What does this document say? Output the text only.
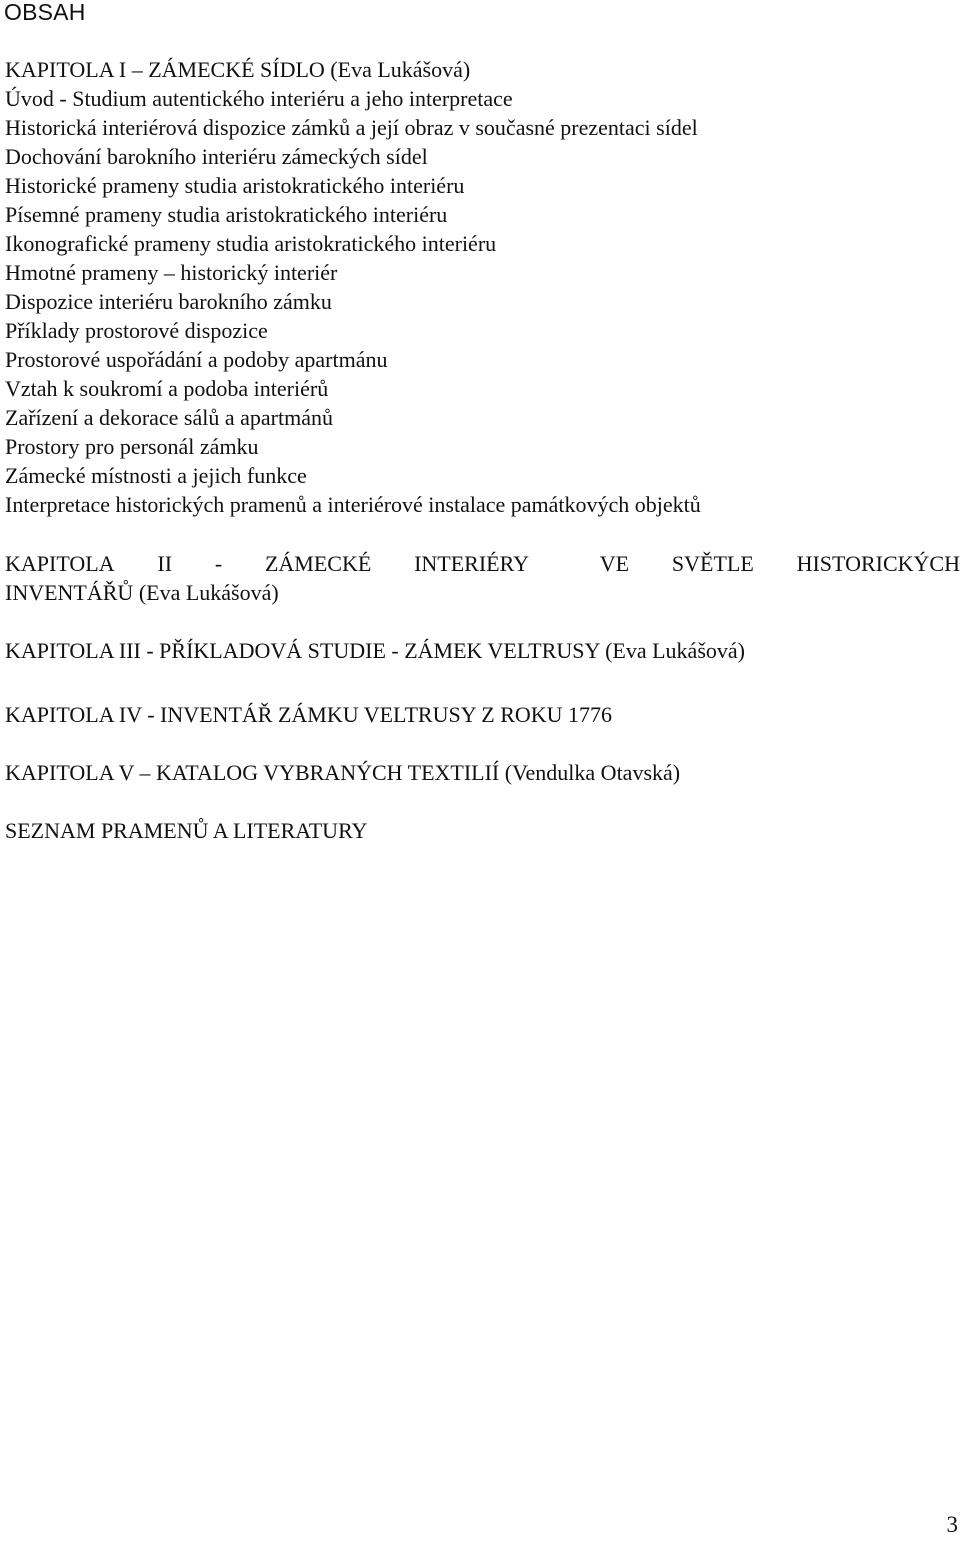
OBSAH
KAPITOLA I – ZÁMECKÉ SÍDLO (Eva Lukášová)
Úvod - Studium autentického interiéru a jeho interpretace
Historická interiérová dispozice zámků a její obraz v současné prezentaci sídel
Dochování barokního interiéru zámeckých sídel
Historické prameny studia aristokratického interiéru
Písemné prameny studia aristokratického interiéru
Ikonografické prameny studia aristokratického interiéru
Hmotné prameny – historický interiér
Dispozice interiéru barokního zámku
Příklady prostorové dispozice
Prostorové uspořádání a podoby apartmánu
Vztah k soukromí a podoba interiérů
Zařízení a dekorace sálů a apartmánů
Prostory pro personál zámku
Zámecké místnosti a jejich funkce
Interpretace historických pramenů a interiérové instalace památkových objektů
KAPITOLA II - ZÁMECKÉ INTERIÉRY	VE SVĚTLE HISTORICKÝCH
INVENTÁŘŮ (Eva Lukášová)
KAPITOLA III - PŘÍKLADOVÁ STUDIE - ZÁMEK VELTRUSY (Eva Lukášová)
KAPITOLA IV - INVENTÁŘ ZÁMKU VELTRUSY Z ROKU 1776
KAPITOLA V – KATALOG VYBRANÝCH TEXTILIÍ (Vendulka Otavská)
SEZNAM PRAMENŮ A LITERATURY
3
